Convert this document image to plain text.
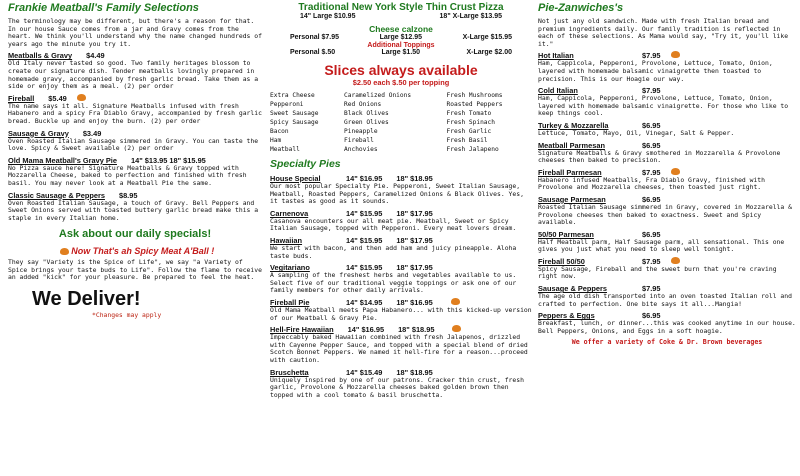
Frankie Meatball's Family Selections

The terminology may be different, but there's a reason for that. In our house Sauce comes from a jar and Gravy comes from the heart. We think you'll understand why the name changed hundreds of years ago the minute you try it.

Meatballs & Gravy $4.49

Old Italy never tasted so good. Two family heritages blossom to create our signature dish. Tender meatballs lovingly prepared in homemade gravy, accompanied by fresh garlic bread. Take them as a side or enjoy them as a meal. (2) per order

Fireball $5.49

The name says it all. Signature Meatballs infused with fresh Habanero and a spicy Fra Diablo Gravy, accompanied by fresh garlic bread. Buckle up and enjoy the burn. (2) per order

Sausage & Gravy $3.49

Oven Roasted Italian Sausage simmered in Gravy. You can taste the love. Spicy & Sweet available (2) per order

Old Mama Meatball's Gravy Pie 14" $13.95 18" $15.95

No Pizza sauce here! Signature Meatballs & Gravy topped with Mozzarella Cheese, baked to perfection and finished with fresh basil. You may never look at a Meatball Pie the same.

Classic Sausage & Peppers $8.95

Oven Roasted Italian Sausage, a touch of Gravy. Bell Peppers and Sweet Onions served with toasted buttery garlic bread make this a staple in every Italian home.

Ask about our daily specials!
Now That's ah Spicy Meat A'Ball !

They say "Variety is the Spice of Life", we say "a Variety of Spice brings your taste buds to Life". Follow the flame to receive an added "kick" for your pleasure. Be prepared to feel the heat.

We Deliver!
*Changes may apply
Traditional New York Style Thin Crust Pizza
14" Large $10.95	18" X-Large $13.95
Cheese calzone
Personal $7.95	Large $12.95	X-Large $15.95
Additional Toppings
Personal $.50	Large $1.50	X-Large $2.00
Slices always available
$2.50 each $.50 per topping
Extra Cheese	Caramelized Onions	Fresh Mushrooms
Pepperoni	Red Onions	Roasted Peppers
Sweet Sausage	Black Olives	Fresh Tomato
Spicy Sausage	Green Olives	Fresh Spinach
Bacon	Pineapple	Fresh Garlic
Ham	Fireball	Fresh Basil
Meatball	Anchovies	Fresh Jalapeno
Specialty Pies
House Special	14" $16.95 18" $18.95

Our most popular Specialty Pie. Pepperoni, Sweet Italian Sausage, Meatball, Roasted Peppers, Caramelized Onions & Black Olives. Yes, it tastes as good as it sounds.

Carnenova	14" $15.95 18" $17.95

Casanova encounters our all meat pie. Meatball, Sweet or Spicy Italian Sausage, topped with Pepperoni. Every meat lovers dream.

Hawaiian	14" $15.95 18" $17.95

We start with bacon, and then add ham and juicy pineapple. Aloha taste buds.

Vegitariano	14" $15.95 18" $17.95

A sampling of the freshest herbs and vegetables available to us. Select five of our traditional veggie toppings or ask one of our family members for other daily arrivals.

Fireball Pie	14" $14.95 18" $16.95

Old Mama Meatball meets Papa Habanero... with this kicked-up version of our Meatball & Gravy Pie.

Hell-Fire Hawaiian 14" $16.95 18" $18.95

Impeccably baked Hawaiian combined with fresh Jalapenos, drizzled with Cayenne Pepper Sauce, and topped with a special blend of dried Scotch Bonnet Peppers. We named it hell-fire for a reason...proceed with caution.

Bruschetta	14" $15.49 18" $18.95

Uniquely inspired by one of our patrons. Cracker thin crust, fresh garlic, Provolone & Mozzarella cheeses baked golden brown then topped with a cool tomato & basil bruschetta.

Pie-Zanwiches's

Not just any old sandwich. Made with fresh Italian bread and premium ingredients daily. Our family tradition is reflected in each of these selections. As Mama would say, "Try it, you'll like it."

Hot Italian	$7.95

Ham, Cappicola, Pepperoni, Provolone, Lettuce, Tomato, Onion, layered with homemade balsamic vinaigrette then toasted to precision. This is our Hoagie our way.

Cold Italian	$7.95

Ham, Cappicola, Pepperoni, Provolone, Lettuce, Tomato, Onion, layered with homemade balsamic vinaigrette. For those who like to keep things cool.

Turkey & Mozzarella	$6.95

Lettuce, Tomato, Mayo, Oil, Vinegar, Salt & Pepper.

Meatball Parmesan	$6.95

Signature Meatballs & Gravy smothered in Mozzarella & Provolone cheeses then baked to precision.

Fireball Parmesan	$7.95

Habanero infused Meatballs, Fra Diablo Gravy, finished with Provolone and Mozzarella cheeses, then toasted just right.

Sausage Parmesan	$6.95

Roasted Italian Sausage simmered in Gravy, covered in Mozzarella & Provolone cheeses then baked to exactness. Sweet and Spicy available.

50/50 Parmesan	$6.95

Half Meatball parm, Half Sausage parm, all sensational. This one gives you just what you need to sleep well tonight.

Fireball 50/50	$7.95

Spicy Sausage, Fireball and the sweet burn that you're craving right now.

Sausage & Peppers	$7.95

The age old dish transported into an oven toasted Italian roll and crafted to perfection. One bite says it all...Mangia!

Peppers & Eggs	$6.95

Breakfast, lunch, or dinner...this was cooked anytime in our house. Bell Peppers, Onions, and Eggs in a soft hoagie.

We offer a variety of Coke & Dr. Brown beverages
